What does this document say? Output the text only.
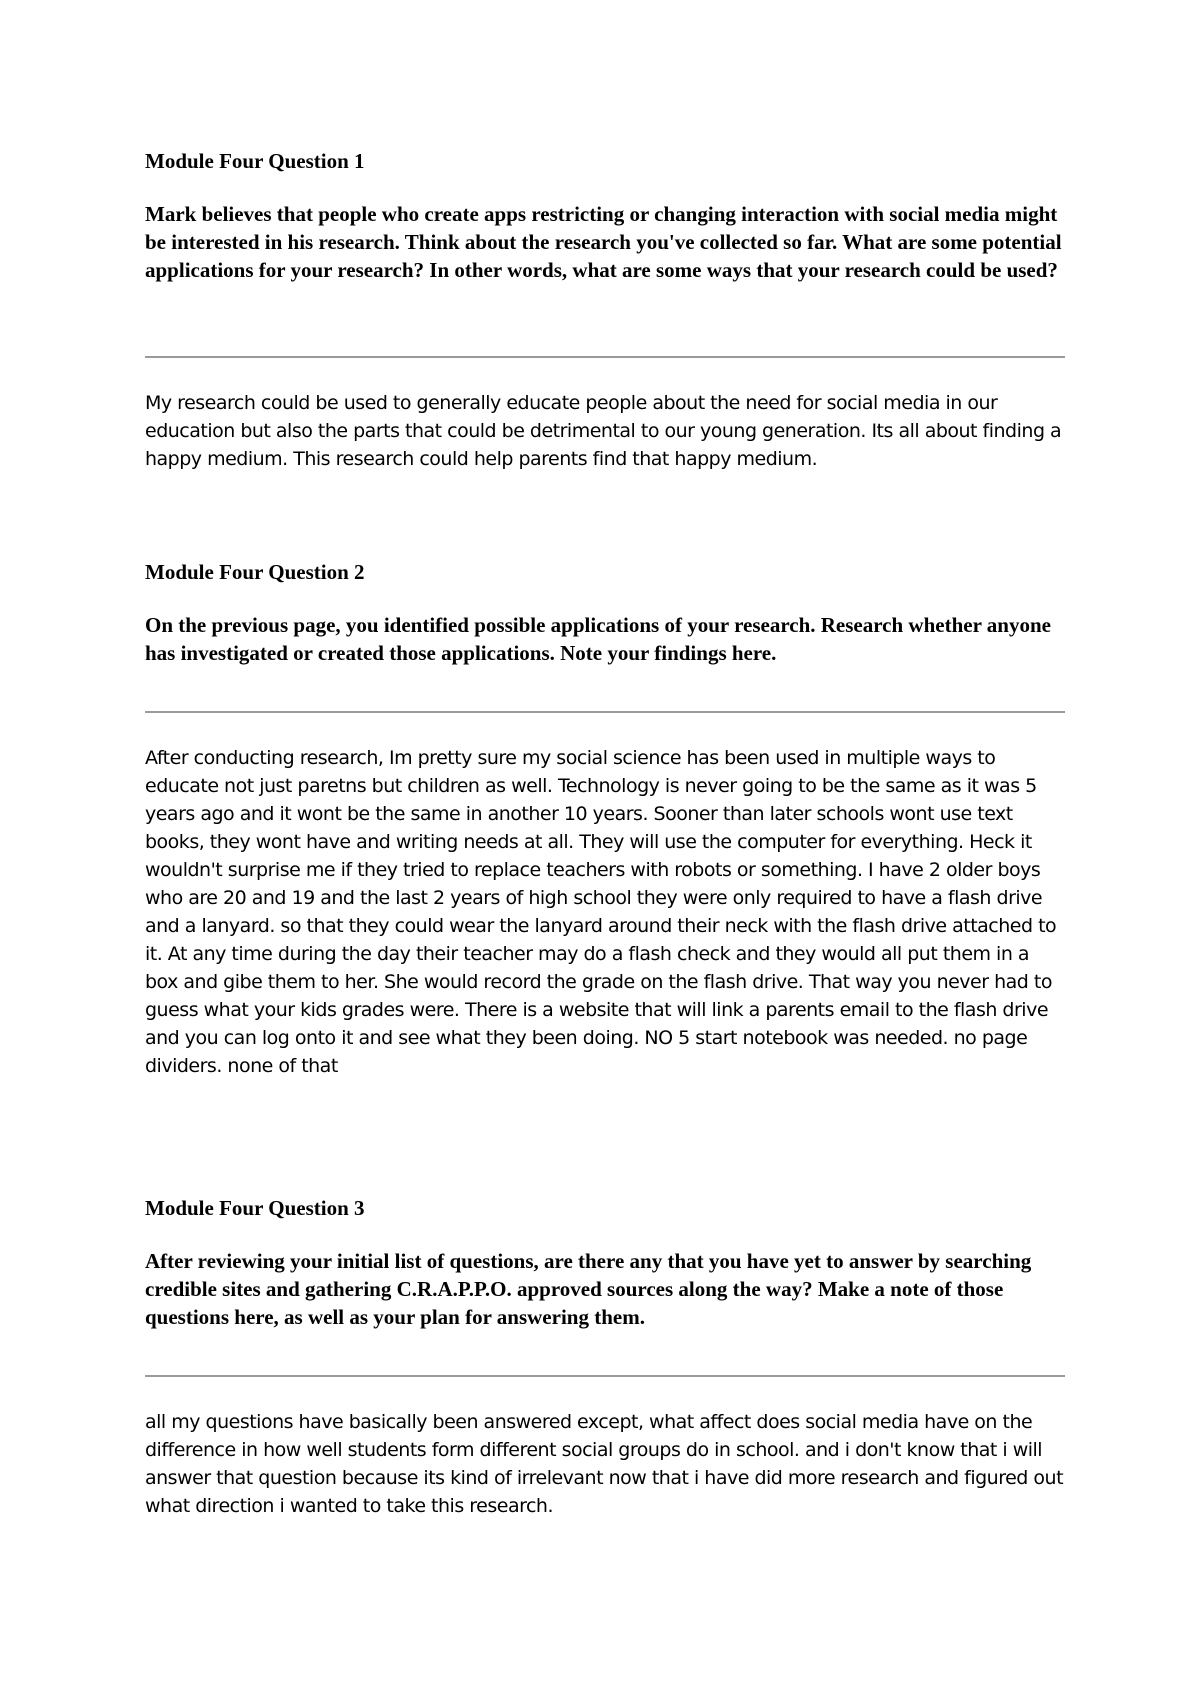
Module Four Question 1

Mark believes that people who create apps restricting or changing interaction with social media might be interested in his research. Think about the research you've collected so far. What are some potential applications for your research? In other words, what are some ways that your research could be used?

My research could be used to generally educate people about the need for social media in our education but also the parts that could be detrimental to our young generation. Its all about finding a happy medium. This research could help parents find that happy medium.

Module Four Question 2

On the previous page, you identified possible applications of your research. Research whether anyone has investigated or created those applications. Note your findings here.

After conducting research, Im pretty sure my social science has been used in multiple ways to educate not just paretns but children as well. Technology is never going to be the same as it was 5 years ago and it wont be the same in another 10 years. Sooner than later schools wont use text books, they wont have and writing needs at all. They will use the computer for everything. Heck it wouldn't surprise me if they tried to replace teachers with robots or something. I have 2 older boys who are 20 and 19 and the last 2 years of high school they were only required to have a flash drive and a lanyard. so that they could wear the lanyard around their neck with the flash drive attached to it. At any time during the day their teacher may do a flash check and they would all put them in a box and gibe them to her. She would record the grade on the flash drive. That way you never had to guess what your kids grades were. There is a website that will link a parents email to the flash drive and you can log onto it and see what they been doing. NO 5 start notebook was needed. no page dividers. none of that

Module Four Question 3

After reviewing your initial list of questions, are there any that you have yet to answer by searching credible sites and gathering C.R.A.P.P.O. approved sources along the way? Make a note of those questions here, as well as your plan for answering them.

all my questions have basically been answered except, what affect does social media have on the difference in how well students form different social groups do in school. and i don't know that i will answer that question because its kind of irrelevant now that i have did more research and figured out what direction i wanted to take this research.
